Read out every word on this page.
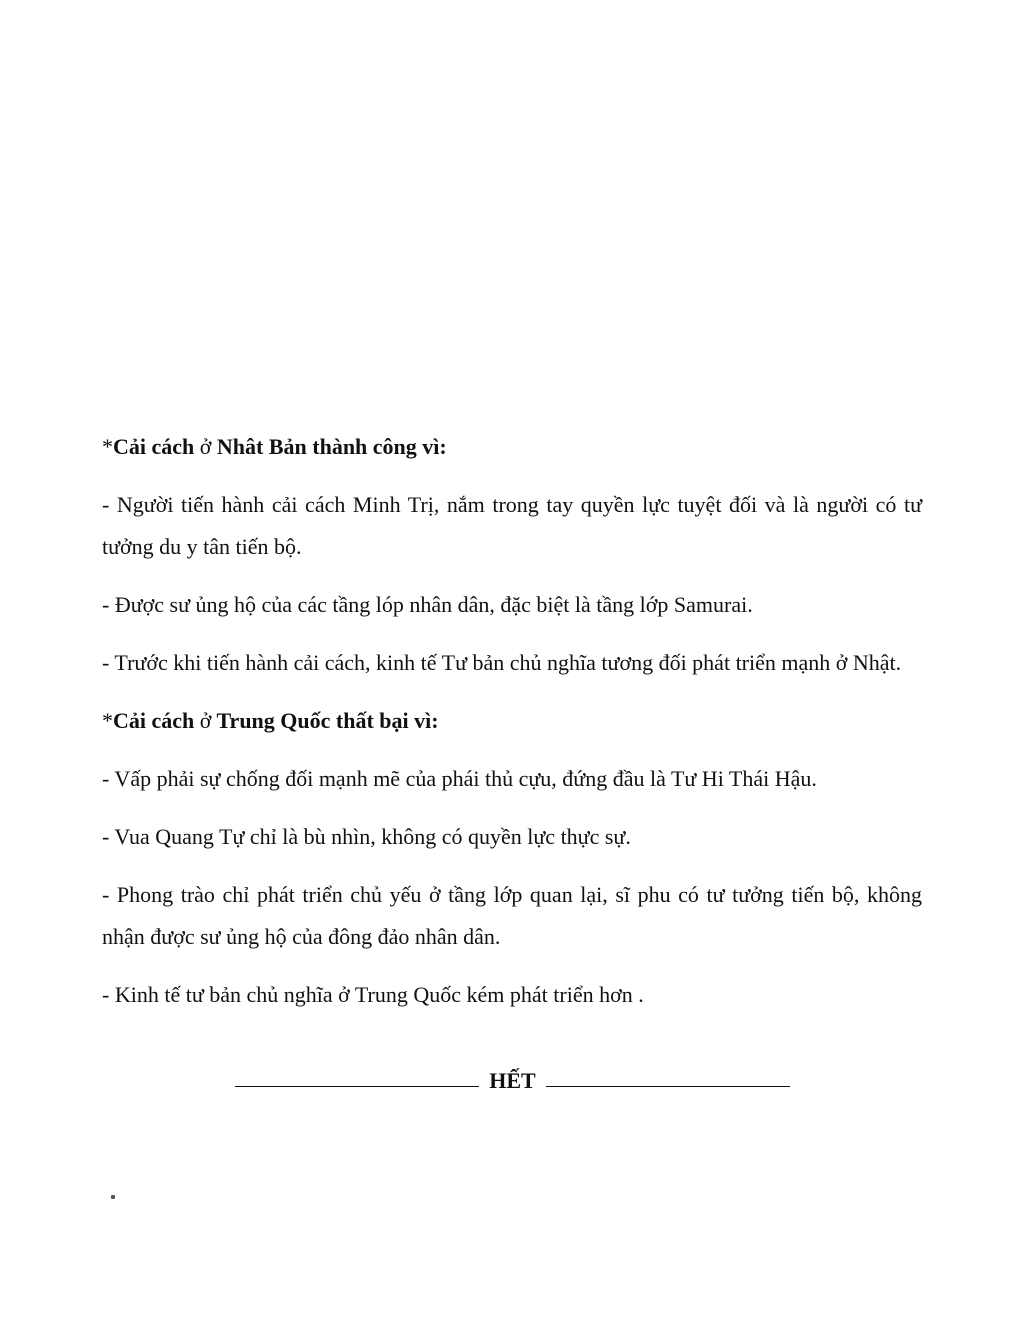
*Cải cách ở Nhât Bản thành công vì:

- Người tiến hành cải cách Minh Trị, nắm trong tay quyền lực tuyệt đối và là người có tư tưởng du y tân tiến bộ.

- Được sư ủng hộ của các tầng lóp nhân dân, đặc biệt là tầng lớp Samurai.

- Trước khi tiến hành cải cách, kinh tế Tư bản chủ nghĩa tương đối phát triển mạnh ở Nhật.

*Cải cách ở Trung Quốc thất bại vì:

- Vấp phải sự chống đối mạnh mẽ của phái thủ cựu, đứng đầu là Tư Hi Thái Hậu.

- Vua Quang Tự chỉ là bù nhìn, không có quyền lực thực sự.

- Phong trào chỉ phát triển chủ yếu ở tầng lớp quan lại, sĩ phu có tư tưởng tiến bộ, không nhận được sư ủng hộ của đông đảo nhân dân.

- Kinh tế tư bản chủ nghĩa ở Trung Quốc kém phát triển hơn .

HẾT
